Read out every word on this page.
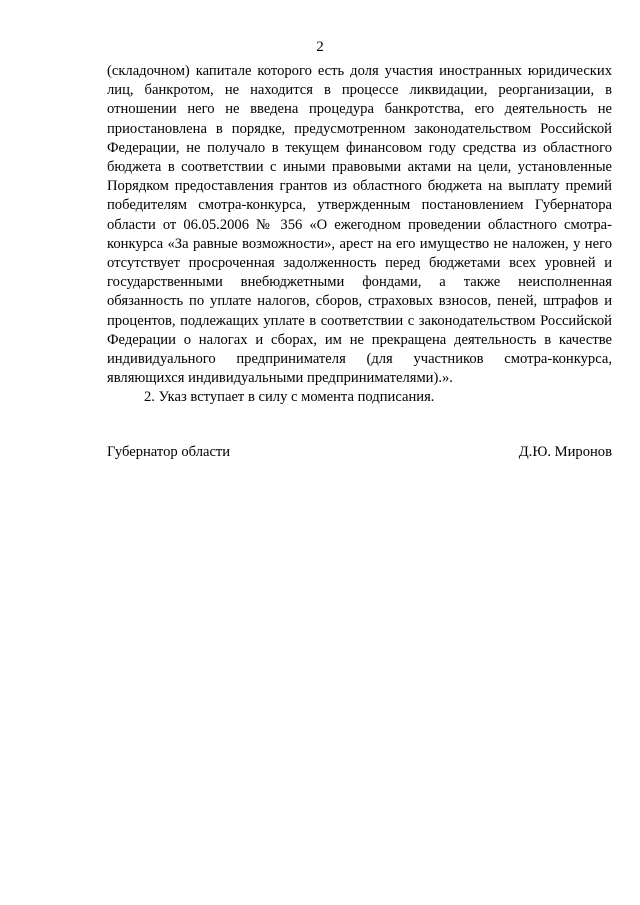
2

(складочном) капитале которого есть доля участия иностранных юридических лиц, банкротом, не находится в процессе ликвидации, реорганизации, в отношении него не введена процедура банкротства, его деятельность не приостановлена в порядке, предусмотренном законодательством Российской Федерации, не получало в текущем финансовом году средства из областного бюджета в соответствии с иными правовыми актами на цели, установленные Порядком предоставления грантов из областного бюджета на выплату премий победителям смотра-конкурса, утвержденным постановлением Губернатора области от 06.05.2006 № 356 «О ежегодном проведении областного смотра-конкурса «За равные возможности», арест на его имущество не наложен, у него отсутствует просроченная задолженность перед бюджетами всех уровней и государственными внебюджетными фондами, а также неисполненная обязанность по уплате налогов, сборов, страховых взносов, пеней, штрафов и процентов, подлежащих уплате в соответствии с законодательством Российской Федерации о налогах и сборах, им не прекращена деятельность в качестве индивидуального предпринимателя (для участников смотра-конкурса, являющихся индивидуальными предпринимателями).».

2. Указ вступает в силу с момента подписания.

Губернатор области	Д.Ю. Миронов
